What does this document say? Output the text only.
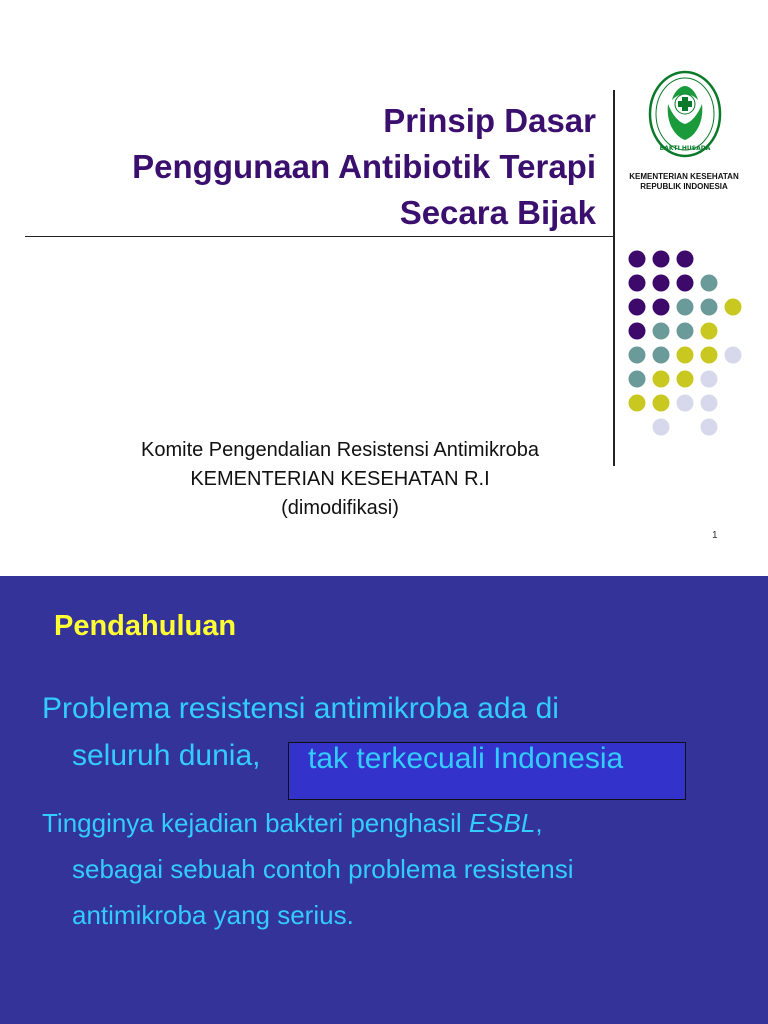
Prinsip Dasar
Penggunaan Antibiotik Terapi
Secara Bijak
BAKTI HUSADA
KEMENTERIAN KESEHATAN
REPUBLIK INDONESIA
Komite Pengendalian Resistensi Antimikroba
KEMENTERIAN KESEHATAN R.I
(dimodifikasi)
1
Pendahuluan
Problema resistensi antimikroba ada di
seluruh dunia, tak terkecuali Indonesia
Tingginya kejadian bakteri penghasil ESBL,
sebagai sebuah contoh problema resistensi
antimikroba yang serius.
